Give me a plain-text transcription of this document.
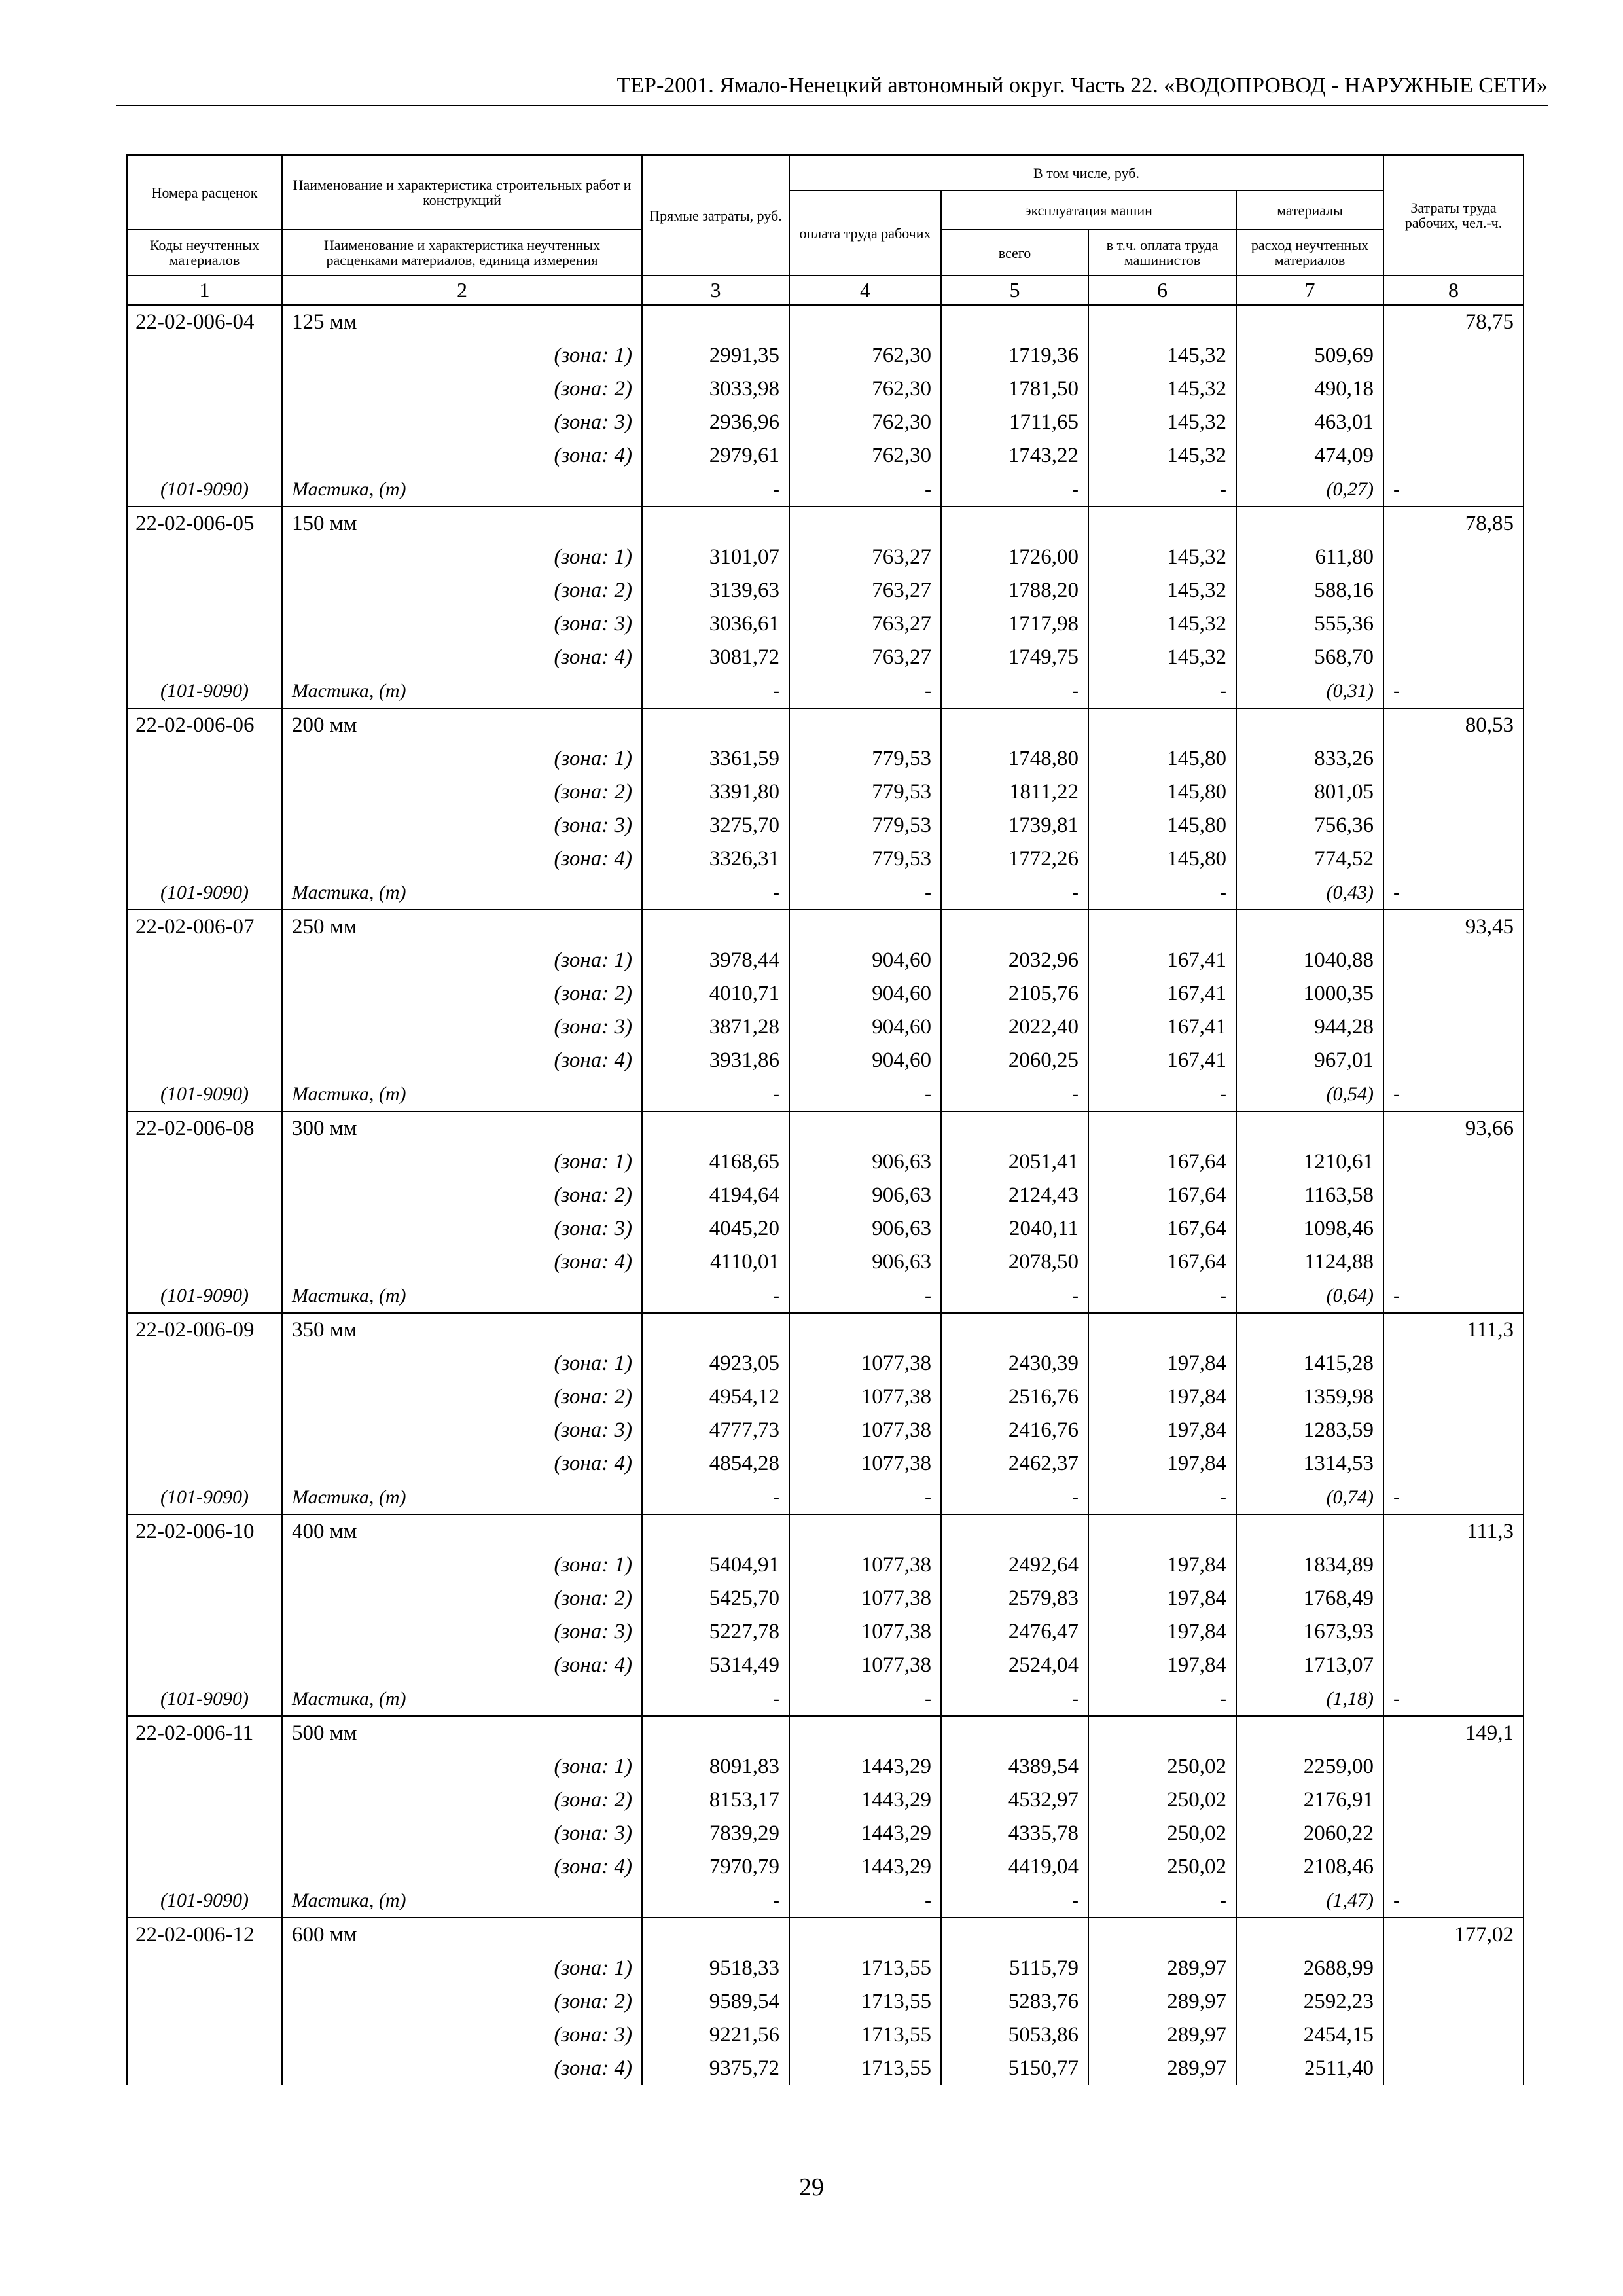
ТЕР-2001. Ямало-Ненецкий автономный округ. Часть 22. «ВОДОПРОВОД - НАРУЖНЫЕ СЕТИ»
Номера расценок	Наименование и характеристика строительных работ и конструкций	Прямые затраты, руб.	В том числе, руб.				Затраты труда рабочих, чел.-ч.
			оплата труда рабочих	эксплуатация машин		материалы	
Коды неучтенных материалов	Наименование и характеристика неучтенных расценками материалов, единица измерения			всего	в т.ч. оплата труда машинистов	расход неучтенных материалов	
1	2	3	4	5	6	7	8
22-02-006-04	125 мм						78,75
	(зона: 1)	2991,35	762,30	1719,36	145,32	509,69	
	(зона: 2)	3033,98	762,30	1781,50	145,32	490,18	
	(зона: 3)	2936,96	762,30	1711,65	145,32	463,01	
	(зона: 4)	2979,61	762,30	1743,22	145,32	474,09	
(101-9090)	Мастика, (т)	-	-	-	-	(0,27)	-
22-02-006-05	150 мм						78,85
	(зона: 1)	3101,07	763,27	1726,00	145,32	611,80	
	(зона: 2)	3139,63	763,27	1788,20	145,32	588,16	
	(зона: 3)	3036,61	763,27	1717,98	145,32	555,36	
	(зона: 4)	3081,72	763,27	1749,75	145,32	568,70	
(101-9090)	Мастика, (т)	-	-	-	-	(0,31)	-
22-02-006-06	200 мм						80,53
	(зона: 1)	3361,59	779,53	1748,80	145,80	833,26	
	(зона: 2)	3391,80	779,53	1811,22	145,80	801,05	
	(зона: 3)	3275,70	779,53	1739,81	145,80	756,36	
	(зона: 4)	3326,31	779,53	1772,26	145,80	774,52	
(101-9090)	Мастика, (т)	-	-	-	-	(0,43)	-
22-02-006-07	250 мм						93,45
	(зона: 1)	3978,44	904,60	2032,96	167,41	1040,88	
	(зона: 2)	4010,71	904,60	2105,76	167,41	1000,35	
	(зона: 3)	3871,28	904,60	2022,40	167,41	944,28	
	(зона: 4)	3931,86	904,60	2060,25	167,41	967,01	
(101-9090)	Мастика, (т)	-	-	-	-	(0,54)	-
22-02-006-08	300 мм						93,66
	(зона: 1)	4168,65	906,63	2051,41	167,64	1210,61	
	(зона: 2)	4194,64	906,63	2124,43	167,64	1163,58	
	(зона: 3)	4045,20	906,63	2040,11	167,64	1098,46	
	(зона: 4)	4110,01	906,63	2078,50	167,64	1124,88	
(101-9090)	Мастика, (т)	-	-	-	-	(0,64)	-
22-02-006-09	350 мм						111,3
	(зона: 1)	4923,05	1077,38	2430,39	197,84	1415,28	
	(зона: 2)	4954,12	1077,38	2516,76	197,84	1359,98	
	(зона: 3)	4777,73	1077,38	2416,76	197,84	1283,59	
	(зона: 4)	4854,28	1077,38	2462,37	197,84	1314,53	
(101-9090)	Мастика, (т)	-	-	-	-	(0,74)	-
22-02-006-10	400 мм						111,3
	(зона: 1)	5404,91	1077,38	2492,64	197,84	1834,89	
	(зона: 2)	5425,70	1077,38	2579,83	197,84	1768,49	
	(зона: 3)	5227,78	1077,38	2476,47	197,84	1673,93	
	(зона: 4)	5314,49	1077,38	2524,04	197,84	1713,07	
(101-9090)	Мастика, (т)	-	-	-	-	(1,18)	-
22-02-006-11	500 мм						149,1
	(зона: 1)	8091,83	1443,29	4389,54	250,02	2259,00	
	(зона: 2)	8153,17	1443,29	4532,97	250,02	2176,91	
	(зона: 3)	7839,29	1443,29	4335,78	250,02	2060,22	
	(зона: 4)	7970,79	1443,29	4419,04	250,02	2108,46	
(101-9090)	Мастика, (т)	-	-	-	-	(1,47)	-
22-02-006-12	600 мм						177,02
	(зона: 1)	9518,33	1713,55	5115,79	289,97	2688,99	
	(зона: 2)	9589,54	1713,55	5283,76	289,97	2592,23	
	(зона: 3)	9221,56	1713,55	5053,86	289,97	2454,15	
	(зона: 4)	9375,72	1713,55	5150,77	289,97	2511,40	
29
